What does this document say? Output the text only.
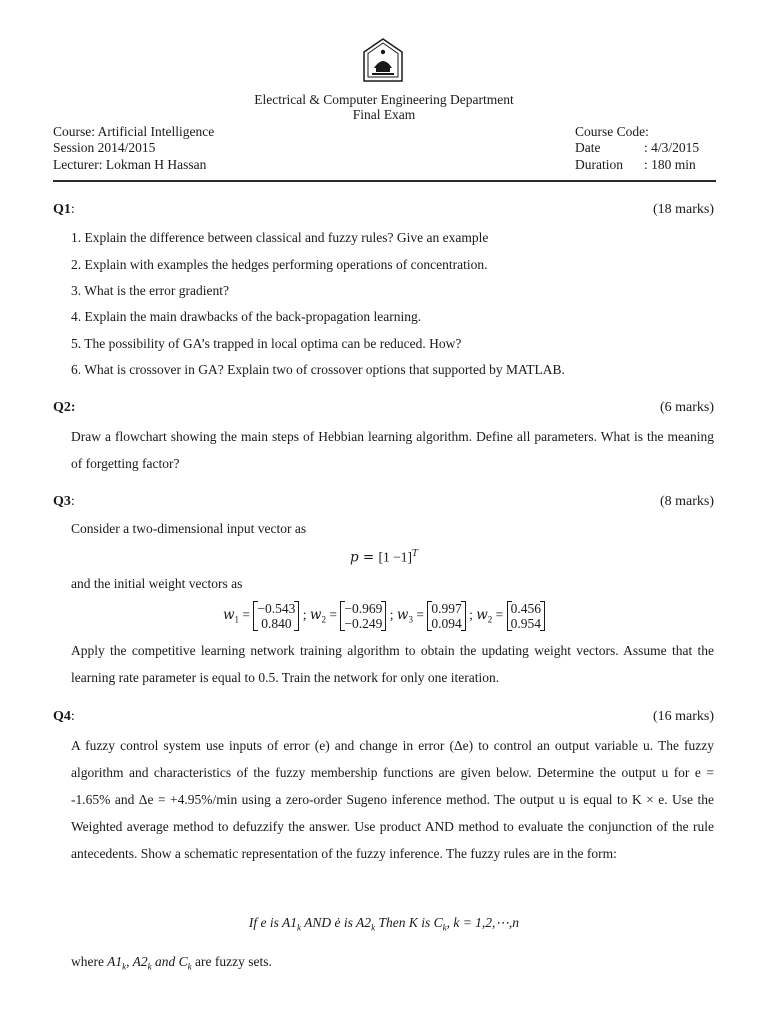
Electrical & Computer Engineering Department
Final Exam
Course: Artificial Intelligence
Session 2014/2015
Lecturer: Lokman H Hassan
Course Code:
Date	: 4/3/2015
Duration : 180 min
Q1:	(18 marks)
1. Explain the difference between classical and fuzzy rules? Give an example
2. Explain with examples the hedges performing operations of concentration.
3. What is the error gradient?
4. Explain the main drawbacks of the back-propagation learning.
5. The possibility of GA’s trapped in local optima can be reduced. How?
6. What is crossover in GA? Explain two of crossover options that supported by MATLAB.
Q2:	(6 marks)
Draw a flowchart showing the main steps of Hebbian learning algorithm. Define all parameters. What is the meaning of forgetting factor?
Q3:	(8 marks)
Consider a two-dimensional input vector as
$p = [1 -1]^T$
and the initial weight vectors as
$w_1 = -0.543$
0.840
; $w_2 = -0.969$
−0.249
; $w_3 = 0.997$
0.094
; $w_2 = 0.456$
0.954
Apply the competitive learning network training algorithm to obtain the updating weight vectors. Assume that the learning rate parameter is equal to 0.5. Train the network for only one iteration.
Q4:	(16 marks)
A fuzzy control system use inputs of error (e) and change in error (Δe) to control an output variable u. The fuzzy algorithm and characteristics of the fuzzy membership functions are given below. Determine the output u for e = -1.65% and Δe = +4.95%/min using a zero-order Sugeno inference method. The output u is equal to K × e. Use the Weighted average method to defuzzify the answer. Use product AND method to evaluate the conjunction of the rule antecedents. Show a schematic representation of the fuzzy inference. The fuzzy rules are in the form:
If e is $A1_k$ AND ė is $A2_k$ Then K is $C_k$, k = 1,2,⋯,n
where $A1_k$, $A2_k$ and $C_k$ are fuzzy sets.
